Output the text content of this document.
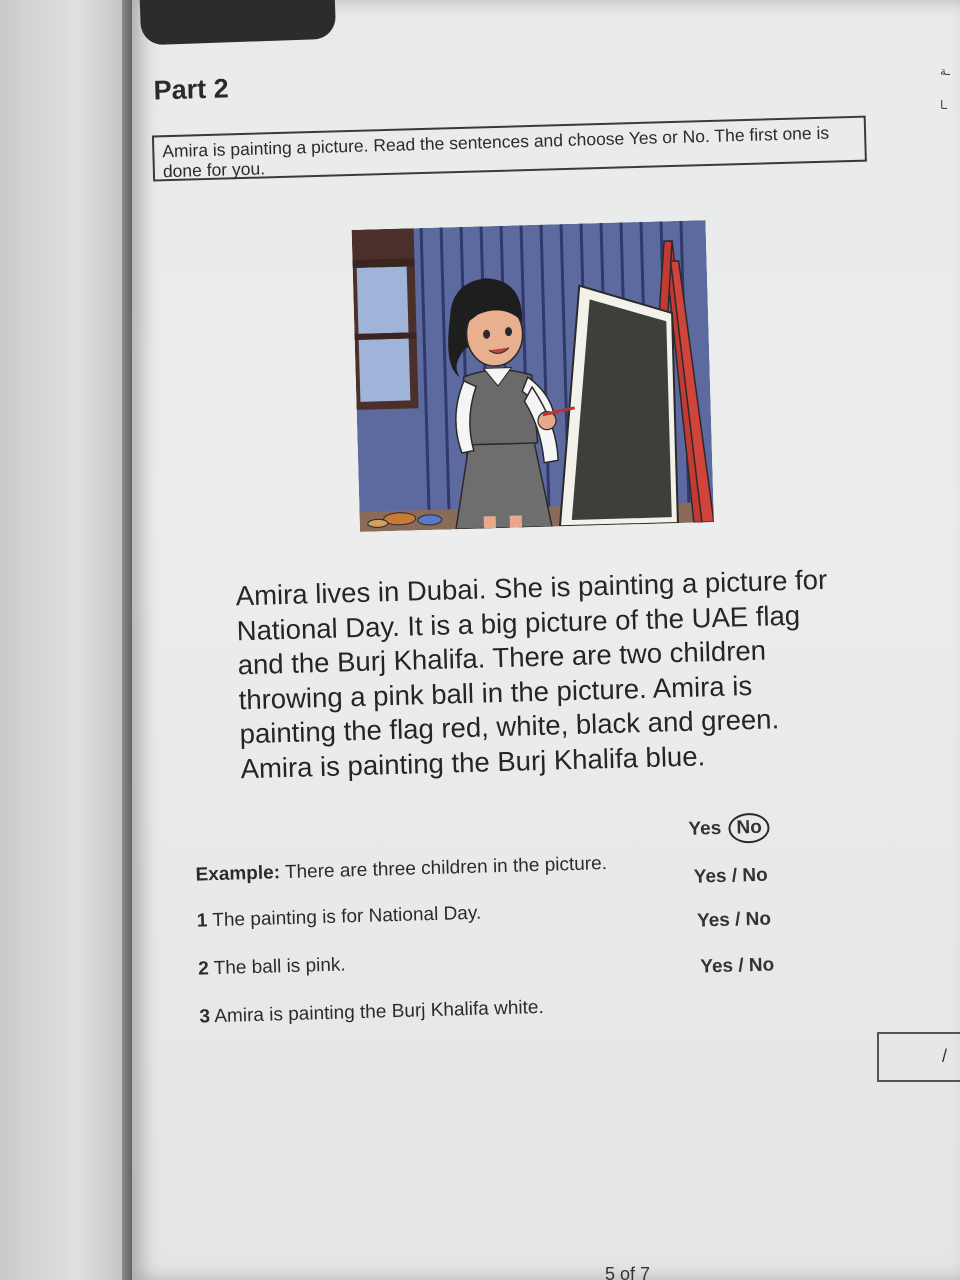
ـة
ـا
Part 2
Amira is painting a picture. Read the sentences and choose Yes or No. The first one is done for you.
Amira lives in Dubai. She is painting a picture for National Day. It is a big picture of the UAE flag and the Burj Khalifa. There are two children throwing a pink ball in the picture. Amira is painting the flag red, white, black and green. Amira is painting the Burj Khalifa blue.
Example: There are three children in the picture.
Yes No
1 The painting is for National Day.
Yes / No
2 The ball is pink.
Yes / No
3 Amira is painting the Burj Khalifa white.
Yes / No
/
5 of 7
